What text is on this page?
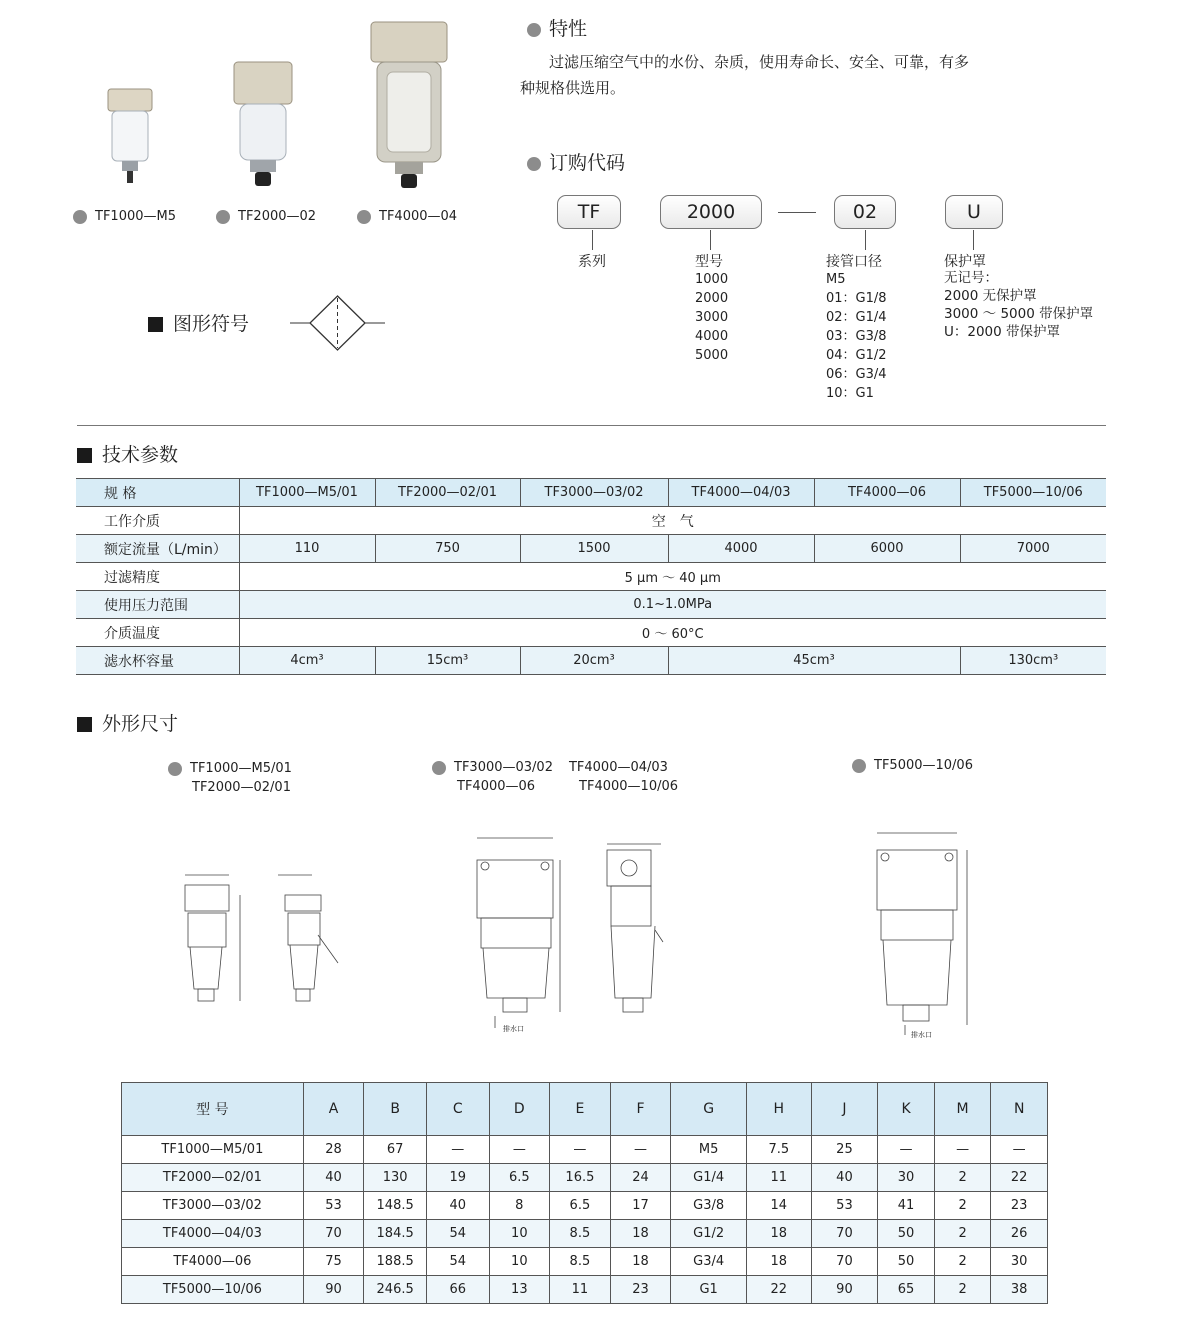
TF1000—M5	TF2000—02	TF4000—04
图形符号
特性
过滤压缩空气中的水份、杂质，使用寿命长、安全、可靠，有多
种规格供选用。
订购代码
TF	2000	02	U
系列	型号
1000
2000
3000
4000
5000
接管口径
M5
01：G1/8
02：G1/4
03：G3/8
04：G1/2
06：G3/4
10：G1
保护罩
无记号：
2000 无保护罩
3000 ～ 5000 带保护罩
U：2000 带保护罩
技术参数
规 格	TF1000—M5/01	TF2000—02/01	TF3000—03/02	TF4000—04/03	TF4000—06	TF5000—10/06
工作介质	空　气					
额定流量（L/min）	110	750	1500	4000	6000	7000
过滤精度	5 μm ～ 40 μm					
使用压力范围	0.1~1.0MPa					
介质温度	0 ～ 60°C					
滤水杯容量	4cm³	15cm³	20cm³	45cm³		130cm³
外形尺寸
TF1000—M5/01
TF2000—02/01
TF3000—03/02 TF4000—04/03
TF4000—06	TF4000—10/06
TF5000—10/06
排水口
排水口
型 号	A	B	C	D	E	F	G	H	J	K	M	N
TF1000—M5/01	28	67	—	—	—	—	M5	7.5	25	—	—	—
TF2000—02/01	40	130	19	6.5	16.5	24	G1/4	11	40	30	2	22
TF3000—03/02	53	148.5	40	8	6.5	17	G3/8	14	53	41	2	23
TF4000—04/03	70	184.5	54	10	8.5	18	G1/2	18	70	50	2	26
TF4000—06	75	188.5	54	10	8.5	18	G3/4	18	70	50	2	30
TF5000—10/06	90	246.5	66	13	11	23	G1	22	90	65	2	38
